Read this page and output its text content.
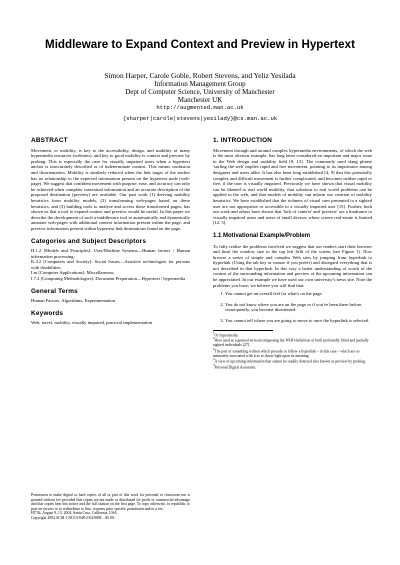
Middleware to Expand Context and Preview in Hypertext
Simon Harper, Carole Goble, Robert Stevens, and Yeliz Yesilada
Information Management Group
Dept of Computer Science, University of Manchester
Manchester UK
http://augmented.man.ac.uk
{sharper|carole|stevens|yesilady}@cs.man.ac.uk
ABSTRACT

Movement, or mobility, is key to the accessibility, design, and usability of many hypermedia resources (websites), and key to good mobility is context and preview by probing. This is especially the case for visually impaired users when a hypertext anchor is inaccurately described or of indeterminate context. This means confusion and disorientation. Mobility is similarly reduced when the link target of the anchor has no relationship to the expected information present on the hypertext node (web-page). We suggest that confident movement with purpose, ease, and accuracy can only be achieved when complete contextual information and an accurate description of the proposed destination (preview) are available. Our past work (1) deriving mobility heuristics from mobility models, (2) transforming web-pages based on these heuristics, and (3) building tools to analyse and access these transformed pages; has shown us that a tool to expand context and preview would be useful. In this paper we describe the development of such a middleware tool to automatically and dynamically annotate web-pages with additional context information present within the page, and preview information present within hypertext link destinations found on the page.

Categories and Subject Descriptors

H.1.2 [Models and Principles]: User/Machine Systems—Human factors / Human information processing;

K.4.2 [Computers and Society]: Social Issues—Assistive technologies for persons with disabilities;

I.m [Computer Applications]: Miscellaneous;

I.7.2 [Computing Methodologies]: Document Preparation—Hypertext / hypermedia

General Terms

Human Factors, Algorithms, Experimentation

Keywords

Web, travel, mobility, visually impaired, practical implementation

Permission to make digital or hard copies of all or part of this work for personal or classroom use is granted without fee provided that copies are not made or distributed for profit or commercial advantage and that copies bear this notice and the full citation on the first page. To copy otherwise, to republish, to post on servers or to redistribute to lists, requires prior specific permission and/or a fee.
HT'04, August 9–13, 2004, Santa Cruz, California, USA.
Copyright 2004 ACM 1-58113-848-2/04/0008 ...$5.00.
1. INTRODUCTION

Movement through and around complex hypermedia environments, of which the web is the most obvious example, has long been considered an important and major issue in the Web design and usability field [8, 13]. The commonly used slang phrase 'surfing the web' implies rapid and free movement, pointing to its importance among designers and users alike. It has also been long established [4, 9] that this potentially complex and difficult movement is further complicated, and becomes neither rapid or free, if the user is visually impaired. Previously we have shown that visual mobility can be likened to real world mobility, that solutions to real world problems can be applied to the web, and that models of mobility can inform our creation of mobility heuristics. We have established that the richness of visual cues presented to a sighted user are not appropriate or accessible to a visually impaired user [15]. Further, both our work and others have shown that 'lack of context' and 'preview' are a hindrance to visually impaired users and users of small devices where screen real-estate is limited [12, 5].

1.1 Motivational Example/Problem

To fully realise the problems involved we suggest that our readers start their browser and limit the window size to the top left fifth of the screen (see Figure 1). Now browse a series of simple and complex Web sites by jumping from hyperlink to hyperlink (Using the tab key or mouse if you prefer) and disregard everything that is not described in that hyperlink. In this way a better understanding of worth of the context of the surrounding information and preview of the upcoming information can be appreciated. In our example we have used our own university's news site. Note the problems you have; we believe you will find that:

1. You cannot get an overall feel for what's on the page.
2. You do not know where you are on the page or if you've been there before, consequently, you become disoriented.
3. You cannot tell where you are going to move to once the hyperlink is selected.
$^1$Or hypermedia.
$^2$Here used as a general term encompassing the WHO definition of both profoundly blind and partially sighted individuals [27].
$^3$The part of something written which precede or follow a hyperlink – in this case – which are so intimately associated with it as to throw light upon its meaning.
$^4$A view of upcoming information that cannot be readily detected also known as preview by probing.
$^5$Personal Digital Assistants.
